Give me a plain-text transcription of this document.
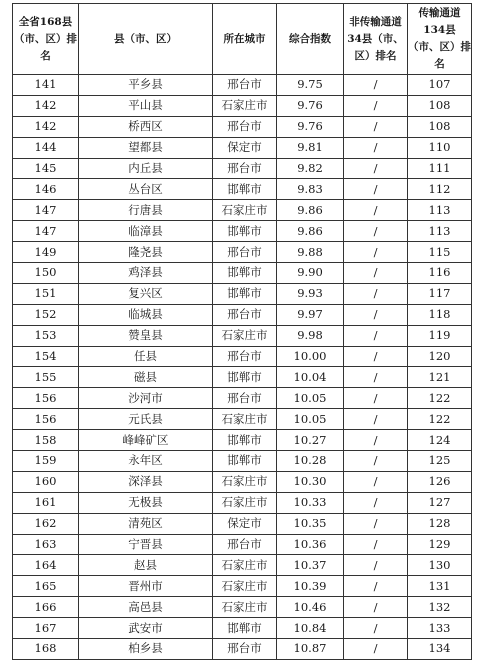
全省168县（市、区）排名	县（市、区）	所在城市	综合指数	非传输通道34县（市、区）排名	传输通道134县（市、区）排名
141	平乡县	邢台市	9.75	/	107
142	平山县	石家庄市	9.76	/	108
142	桥西区	邢台市	9.76	/	108
144	望都县	保定市	9.81	/	110
145	内丘县	邢台市	9.82	/	111
146	丛台区	邯郸市	9.83	/	112
147	行唐县	石家庄市	9.86	/	113
147	临漳县	邯郸市	9.86	/	113
149	隆尧县	邢台市	9.88	/	115
150	鸡泽县	邯郸市	9.90	/	116
151	复兴区	邯郸市	9.93	/	117
152	临城县	邢台市	9.97	/	118
153	赞皇县	石家庄市	9.98	/	119
154	任县	邢台市	10.00	/	120
155	磁县	邯郸市	10.04	/	121
156	沙河市	邢台市	10.05	/	122
156	元氏县	石家庄市	10.05	/	122
158	峰峰矿区	邯郸市	10.27	/	124
159	永年区	邯郸市	10.28	/	125
160	深泽县	石家庄市	10.30	/	126
161	无极县	石家庄市	10.33	/	127
162	清苑区	保定市	10.35	/	128
163	宁晋县	邢台市	10.36	/	129
164	赵县	石家庄市	10.37	/	130
165	晋州市	石家庄市	10.39	/	131
166	高邑县	石家庄市	10.46	/	132
167	武安市	邯郸市	10.84	/	133
168	柏乡县	邢台市	10.87	/	134
